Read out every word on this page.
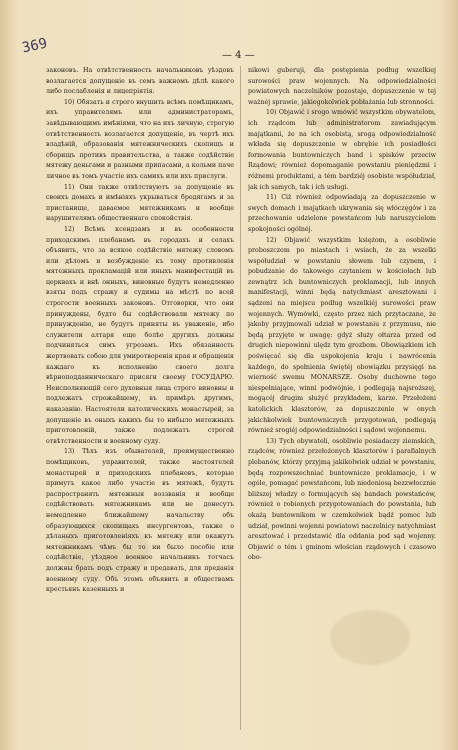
369	— 4 —

законовъ. На отвѣтственность начальниковъ уѣздовъ возлагается допущеніе въ семъ важномъ дѣлѣ какого либо послабленія и лицепріятія.

10) Обязать и строго внушить всѣмъ помѣщикамъ, ихъ управителямъ или администраторамъ, завѣдывающимъ имѣніями, что на ихъ личную, строгую отвѣтственность возлагается допущеніе, въ чертѣ ихъ владѣній, образованія мятежническихъ скопищъ и сборищъ противъ правительства, а также содѣйствіе мятежу деньгами и разными припасами, а кольми паче личное въ томъ участіе ихъ самихъ или ихъ прислуги.

11) Они также отвѣтствуютъ за допущеніе въ своихъ домахъ и имѣніяхъ укрываться бродягамъ и за пристанище, даваемое мятежникамъ и вообще нарушителямъ общественнаго спокойствія.

12) Всѣмъ ксендзамъ и въ особенности приходскимъ плебанамъ въ городахъ и селахъ объявить, что за всякое содѣйствіе мятежу словомъ или дѣломъ и возбужденіе къ тому противленія мятежныхъ прокламацій или иныхъ манифестацій въ церквахъ и внѣ онныхъ, виновные будутъ немедленно взяты подъ стражу и судимы на мѣстѣ по всей строгости военныхъ законовъ. Отговорки, что они принуждены, будто бы содѣйствовали мятежу по принужденію, не будутъ приняты въ уваженіе, ибо служители алтаря еще болѣе другихъ должны подчиняться симъ угрозамъ. Ихъ обязанность жертвовать собою для умиротворенія края и обращенія каждаго къ исполненію своего долга вѣрноподданническаго присяги своему ГОСУДАРЮ. Неисполняющій сего духовныя лица строго виновны и подлежатъ строжайшему, въ примѣръ другимъ, наказанію. Настоятели католическихъ монастырей, за допущеніе въ оныхъ какихъ бы то нибыло мятежныхъ приготовленій, также подлежатъ строгой отвѣтственности и военному суду.

13) Тѣхъ изъ обывателей, преимущественно помѣщиковъ, управителей, также настоятелей монастырей и приходскихъ плебановъ, которые примутъ какое либо участіе въ мятежѣ, будутъ распространять мятежныя воззванія и вообще содѣйствовать мятежникамъ или не донесутъ немедленно ближайшему начальству объ образующихся скопищахъ инсургентовъ, также о дѣланыхъ приготовленіяхъ къ мятежу или окажутъ мятежникамъ чѣмъ бы то ни было пособіе или содѣйствіе, уѣздное военное начальникъ тотчасъ должны брать подъ стражу и предавать, для преданія военному суду. Объ этомъ объявить и обществамъ крестьянъ казенныхъ и

nikowi guberuji, dla postępienia podług wszelkiej surowości praw wojennych. Na odpowiedzialności powiatowych naczelników pozostaje, dopuszczenie w tej ważnéj sprawie, jakiegokolwiek pobłażania lub stronności.

10) Objawić i srogo wmówić wszystkim obywatelom, ich rządcom lub administratorom zawiadującym majątkami, że na ich osobistą, srogą odpowiedzialność wkłada się dopuszczenie w obrębie ich posiadłości formowania buntowniczych band i spisków przeciw Rządowi; również dopomaganie powstaniu pieniędzmi i różnemi produktami, a tém bardziéj osobiste współudział, jak ich samych, tak i ich usługi.

11) Ciż również odpowiadają za dopuszczenie w swych domach i majątkach ukrywania się włóczęgów i za przechowanie udzielone powstańcom lub naruszycielom spokojności ogólnéj.

12) Objawić wszystkim księżom, a osobliwie proboszczom po miastach i wsiach, że za wszelki współudział w powstaniu słowem lub czynem, i pobudzanie do takowego czytaniem w kościołach lub zewnątrz ich buntowniczych proklamacji, lub innych manifestacji, winni będą natychmiast aresztowani i sądzeni na miejscu podług wszelkiéj surowości praw wojennych. Wymówki, często przez nich przytaczane, że jakoby przyjmowali udział w powstaniu z przymusu, nie będą przyjęte w uwagę: gdyż służy ołtarza przed od drugich niepowinni ulędz tym grozbom. Obowiązkiem ich poświęcać się dla uspokojenia kraju i nawrócenia każdego, do spełnienia świętéj obowiązku przysięgi na wierność swemu MONARSZE. Osoby duchowne tego niespełniające, winni podwójnie, i podlegają najsroższej, mogącéj drugim służyć przykładem, karze. Przełożeni katolickich klasztorów, za dopuszczenie w onych jakichkolwiek buntowniczych przygotowań, podlegają również srogiéj odpowiedzialności i sądowi wojennemu.

13) Tych obywateli, osobliwie posiadaczy ziemskich, rządców, również przełożonych klasztorów i parafialnych plebanów, którzy przyjmą jakikolwiek udział w powstaniu, będą rozpowszechniać buntownicze proklamacje, i w ogóle, pomagać powstańcom, lub niedoniosą bezzwłocznie bliższej władzy o formujących się bandach powstańców, również o robionych przygotowaniach do powstania, lub okażą buntownikom w czemkolwiek bądź pomoc lub udział, powinni wojenni powiatowi naczelnicy natychmiast aresztować i przedstawić dla oddania pod sąd wojenny. Objawić o tém i gminom włościan rządowych i czasowo obo-
